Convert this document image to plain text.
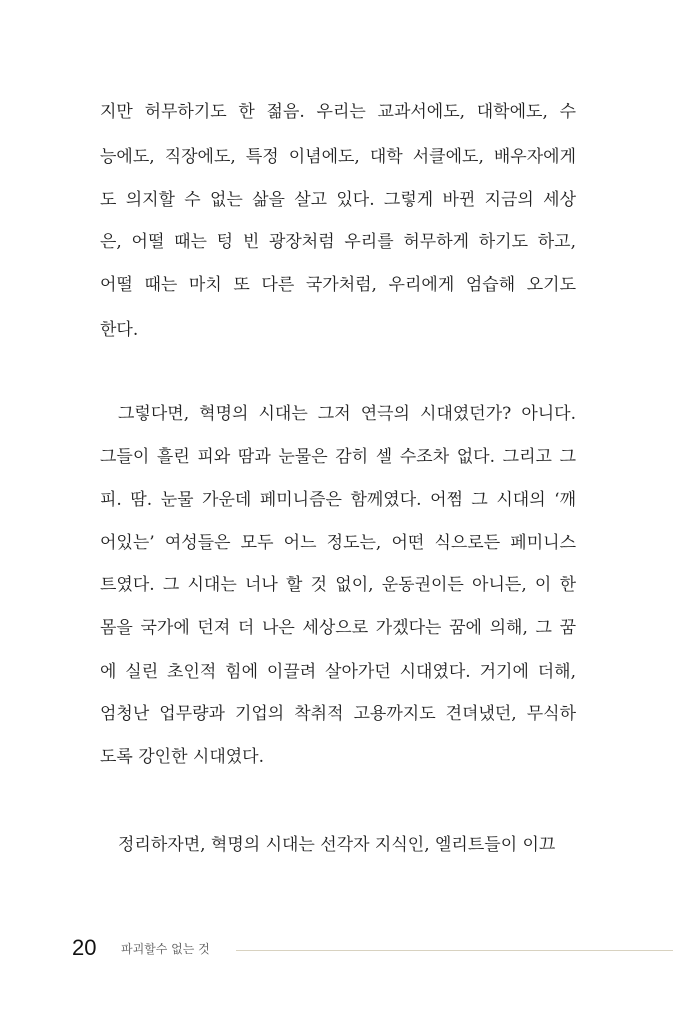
지만 허무하기도 한 젊음. 우리는 교과서에도, 대학에도, 수
능에도, 직장에도, 특정 이념에도, 대학 서클에도, 배우자에게
도 의지할 수 없는 삶을 살고 있다. 그렇게 바뀐 지금의 세상
은, 어떨 때는 텅 빈 광장처럼 우리를 허무하게 하기도 하고,
어떨 때는 마치 또 다른 국가처럼, 우리에게 엄습해 오기도
한다.
그렇다면, 혁명의 시대는 그저 연극의 시대였던가? 아니다.
그들이 흘린 피와 땀과 눈물은 감히 셀 수조차 없다. 그리고 그
피. 땀. 눈물 가운데 페미니즘은 함께였다. 어쩜 그 시대의 ‘깨
어있는’ 여성들은 모두 어느 정도는, 어떤 식으로든 페미니스
트였다. 그 시대는 너나 할 것 없이, 운동권이든 아니든, 이 한
몸을 국가에 던져 더 나은 세상으로 가겠다는 꿈에 의해, 그 꿈
에 실린 초인적 힘에 이끌려 살아가던 시대였다. 거기에 더해,
엄청난 업무량과 기업의 착취적 고용까지도 견뎌냈던, 무식하
도록 강인한 시대였다.
정리하자면, 혁명의 시대는 선각자 지식인, 엘리트들이 이끄
20 파괴할수 없는 것
